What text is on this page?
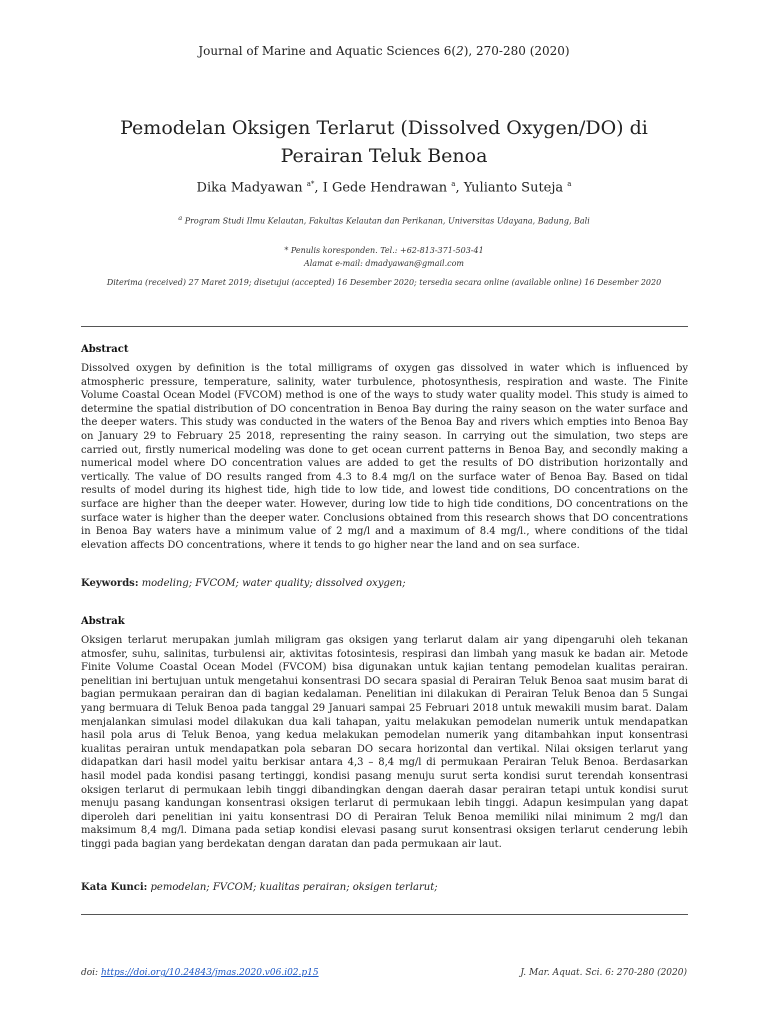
Journal of Marine and Aquatic Sciences 6(2), 270-280 (2020)
Pemodelan Oksigen Terlarut (Dissolved Oxygen/DO) di Perairan Teluk Benoa
Dika Madyawan $^{a*}$, I Gede Hendrawan $^a$, Yulianto Suteja $^a$
$^a$ Program Studi Ilmu Kelautan, Fakultas Kelautan dan Perikanan, Universitas Udayana, Badung, Bali
* Penulis koresponden. Tel.: +62-813-371-503-41
Alamat e-mail: dmadyawan@gmail.com
Diterima (received) 27 Maret 2019; disetujui (accepted) 16 Desember 2020; tersedia secara online (available online) 16 Desember 2020
Abstract
Dissolved oxygen by definition is the total milligrams of oxygen gas dissolved in water which is influenced by atmospheric pressure, temperature, salinity, water turbulence, photosynthesis, respiration and waste. The Finite Volume Coastal Ocean Model (FVCOM) method is one of the ways to study water quality model. This study is aimed to determine the spatial distribution of DO concentration in Benoa Bay during the rainy season on the water surface and the deeper waters. This study was conducted in the waters of the Benoa Bay and rivers which empties into Benoa Bay on January 29 to February 25 2018, representing the rainy season. In carrying out the simulation, two steps are carried out, firstly numerical modeling was done to get ocean current patterns in Benoa Bay, and secondly making a numerical model where DO concentration values are added to get the results of DO distribution horizontally and vertically. The value of DO results ranged from 4.3 to 8.4 mg/l on the surface water of Benoa Bay. Based on tidal results of model during its highest tide, high tide to low tide, and lowest tide conditions, DO concentrations on the surface are higher than the deeper water. However, during low tide to high tide conditions, DO concentrations on the surface water is higher than the deeper water. Conclusions obtained from this research shows that DO concentrations in Benoa Bay waters have a minimum value of 2 mg/l and a maximum of 8.4 mg/l., where conditions of the tidal elevation affects DO concentrations, where it tends to go higher near the land and on sea surface.
Keywords: modeling; FVCOM; water quality; dissolved oxygen;
Abstrak
Oksigen terlarut merupakan jumlah miligram gas oksigen yang terlarut dalam air yang dipengaruhi oleh tekanan atmosfer, suhu, salinitas, turbulensi air, aktivitas fotosintesis, respirasi dan limbah yang masuk ke badan air. Metode Finite Volume Coastal Ocean Model (FVCOM) bisa digunakan untuk kajian tentang pemodelan kualitas perairan. penelitian ini bertujuan untuk mengetahui konsentrasi DO secara spasial di Perairan Teluk Benoa saat musim barat di bagian permukaan perairan dan di bagian kedalaman. Penelitian ini dilakukan di Perairan Teluk Benoa dan 5 Sungai yang bermuara di Teluk Benoa pada tanggal 29 Januari sampai 25 Februari 2018 untuk mewakili musim barat. Dalam menjalankan simulasi model dilakukan dua kali tahapan, yaitu melakukan pemodelan numerik untuk mendapatkan hasil pola arus di Teluk Benoa, yang kedua melakukan pemodelan numerik yang ditambahkan input konsentrasi kualitas perairan untuk mendapatkan pola sebaran DO secara horizontal dan vertikal. Nilai oksigen terlarut yang didapatkan dari hasil model yaitu berkisar antara 4,3 – 8,4 mg/l di permukaan Perairan Teluk Benoa. Berdasarkan hasil model pada kondisi pasang tertinggi, kondisi pasang menuju surut serta kondisi surut terendah konsentrasi oksigen terlarut di permukaan lebih tinggi dibandingkan dengan daerah dasar perairan tetapi untuk kondisi surut menuju pasang kandungan konsentrasi oksigen terlarut di permukaan lebih tinggi. Adapun kesimpulan yang dapat diperoleh dari penelitian ini yaitu konsentrasi DO di Perairan Teluk Benoa memiliki nilai minimum 2 mg/l dan maksimum 8,4 mg/l. Dimana pada setiap kondisi elevasi pasang surut konsentrasi oksigen terlarut cenderung lebih tinggi pada bagian yang berdekatan dengan daratan dan pada permukaan air laut.
Kata Kunci: pemodelan; FVCOM; kualitas perairan; oksigen terlarut;
doi: https://doi.org/10.24843/jmas.2020.v06.i02.p15	J. Mar. Aquat. Sci. 6: 270-280 (2020)
